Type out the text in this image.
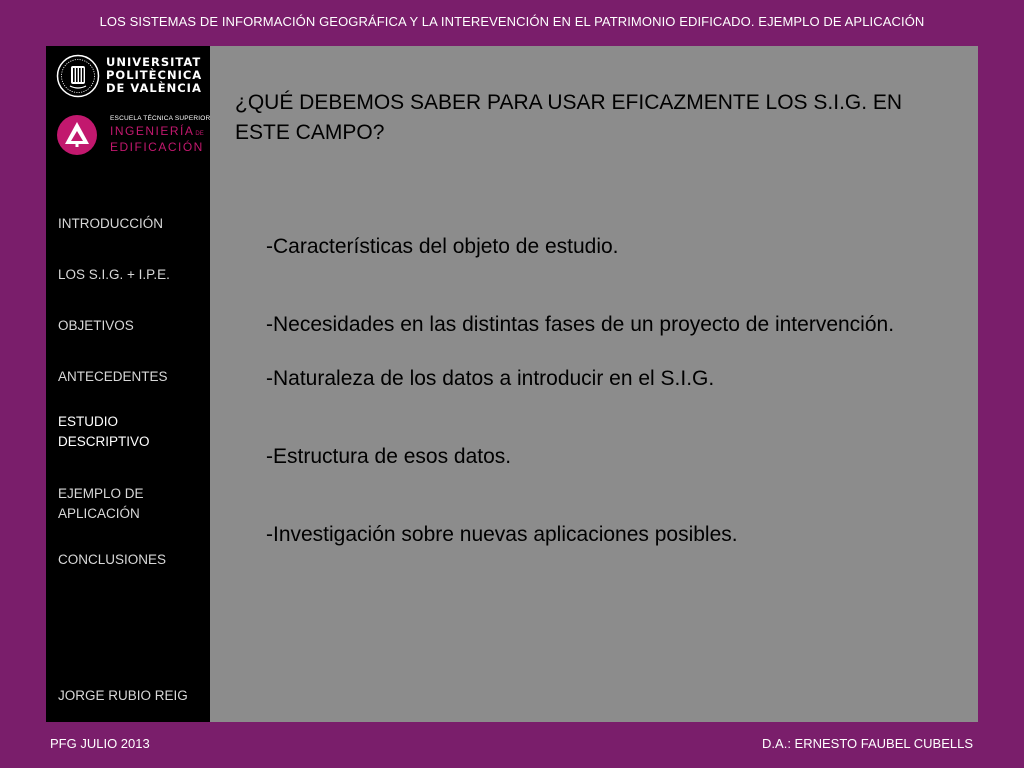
LOS SISTEMAS DE INFORMACIÓN GEOGRÁFICA Y LA INTEREVENCIÓN EN EL PATRIMONIO EDIFICADO. EJEMPLO DE APLICACIÓN
UNIVERSITAT
POLITÈCNICA
DE VALÈNCIA
ESCUELA TÉCNICA SUPERIOR
INGENIERÍADE
EDIFICACIÓN
INTRODUCCIÓN
LOS S.I.G. + I.P.E.
OBJETIVOS
ANTECEDENTES
ESTUDIO
DESCRIPTIVO
EJEMPLO DE
APLICACIÓN
CONCLUSIONES
JORGE RUBIO REIG
¿QUÉ DEBEMOS SABER PARA USAR EFICAZMENTE LOS S.I.G. EN ESTE CAMPO?
-Características del objeto de estudio.
-Necesidades en las distintas fases de un proyecto de intervención.
-Naturaleza de los datos a introducir en el S.I.G.
-Estructura de esos datos.
-Investigación sobre nuevas aplicaciones posibles.
PFG JULIO 2013	D.A.: ERNESTO FAUBEL CUBELLS
